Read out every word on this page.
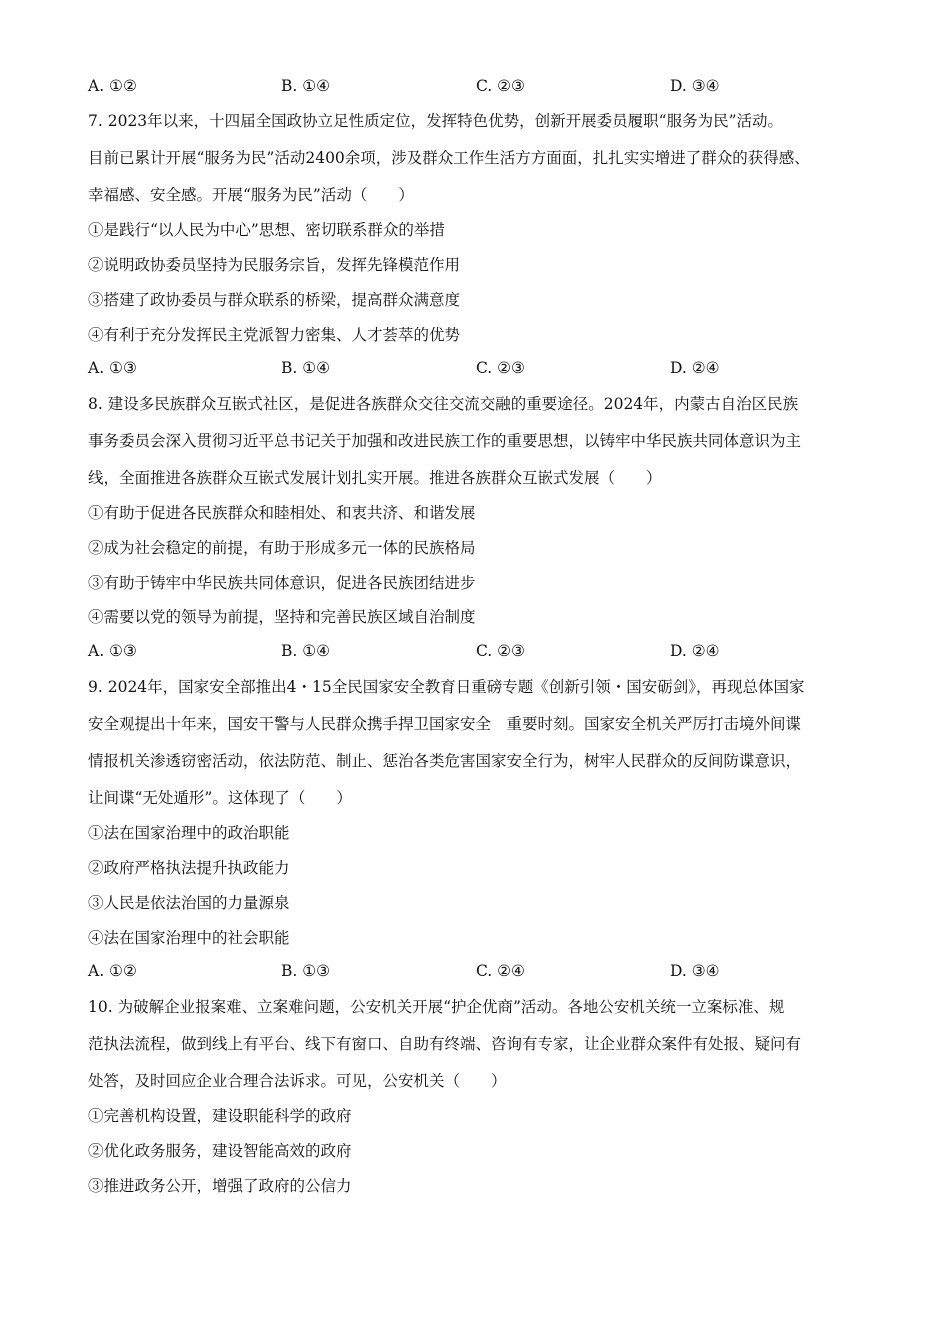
A. ①②	B. ①④	C. ②③	D. ③④
7. 2023年以来，十四届全国政协立足性质定位，发挥特色优势，创新开展委员履职“服务为民”活动。
目前已累计开展“服务为民”活动2400余项，涉及群众工作生活方方面面，扎扎实实增进了群众的获得感、
幸福感、安全感。开展“服务为民”活动（　　）
①是践行“以人民为中心”思想、密切联系群众的举措
②说明政协委员坚持为民服务宗旨，发挥先锋模范作用
③搭建了政协委员与群众联系的桥梁，提高群众满意度
④有利于充分发挥民主党派智力密集、人才荟萃的优势
A. ①③	B. ①④	C. ②③	D. ②④
8. 建设多民族群众互嵌式社区，是促进各族群众交往交流交融的重要途径。2024年，内蒙古自治区民族
事务委员会深入贯彻习近平总书记关于加强和改进民族工作的重要思想，以铸牢中华民族共同体意识为主
线，全面推进各族群众互嵌式发展计划扎实开展。推进各族群众互嵌式发展（　　）
①有助于促进各民族群众和睦相处、和衷共济、和谐发展
②成为社会稳定的前提，有助于形成多元一体的民族格局
③有助于铸牢中华民族共同体意识，促进各民族团结进步
④需要以党的领导为前提，坚持和完善民族区域自治制度
A. ①③	B. ①④	C. ②③	D. ②④
9. 2024年，国家安全部推出4・15全民国家安全教育日重磅专题《创新引领・国安砺剑》，再现总体国家
安全观提出十年来，国安干警与人民群众携手捍卫国家安全　重要时刻。国家安全机关严厉打击境外间谍
情报机关渗透窃密活动，依法防范、制止、惩治各类危害国家安全行为，树牢人民群众的反间防谍意识，
让间谍“无处遁形”。这体现了（　　）
①法在国家治理中的政治职能
②政府严格执法提升执政能力
③人民是依法治国的力量源泉
④法在国家治理中的社会职能
A. ①②	B. ①③	C. ②④	D. ③④
10. 为破解企业报案难、立案难问题，公安机关开展“护企优商”活动。各地公安机关统一立案标准、规
范执法流程，做到线上有平台、线下有窗口、自助有终端、咨询有专家，让企业群众案件有处报、疑问有
处答，及时回应企业合理合法诉求。可见，公安机关（　　）
①完善机构设置，建设职能科学的政府
②优化政务服务，建设智能高效的政府
③推进政务公开，增强了政府的公信力
